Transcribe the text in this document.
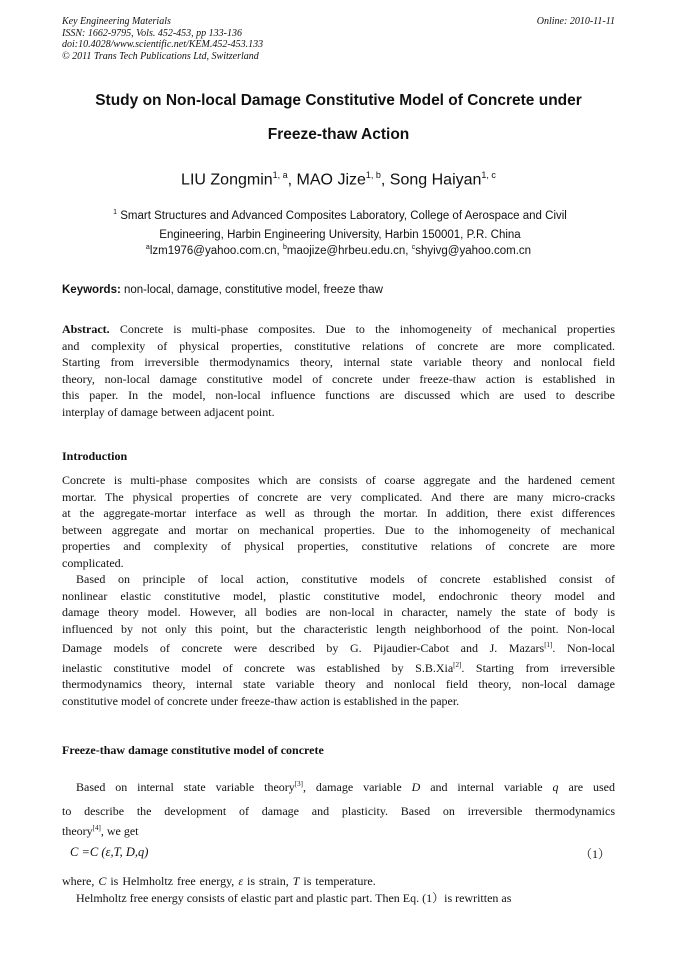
Key Engineering Materials
ISSN: 1662-9795, Vols. 452-453, pp 133-136
doi:10.4028/www.scientific.net/KEM.452-453.133
© 2011 Trans Tech Publications Ltd, Switzerland
Online: 2010-11-11
Study on Non-local Damage Constitutive Model of Concrete under
Freeze-thaw Action
LIU Zongmin$^{1, a}$, MAO Jize$^{1, b}$, Song Haiyan$^{1, c}$
$^1$ Smart Structures and Advanced Composites Laboratory, College of Aerospace and Civil
Engineering, Harbin Engineering University, Harbin 150001, P.R. China
$^a$lzm1976@yahoo.com.cn, $^b$maojize@hrbeu.edu.cn, $^c$shyivg@yahoo.com.cn
Keywords: non-local, damage, constitutive model, freeze thaw
Abstract. Concrete is multi-phase composites. Due to the inhomogeneity of mechanical properties
and complexity of physical properties, constitutive relations of concrete are more complicated.
Starting from irreversible thermodynamics theory, internal state variable theory and nonlocal field
theory, non-local damage constitutive model of concrete under freeze-thaw action is established in
this paper. In the model, non-local influence functions are discussed which are used to describe
interplay of damage between adjacent point.
Introduction
Concrete is multi-phase composites which are consists of coarse aggregate and the hardened cement
mortar. The physical properties of concrete are very complicated. And there are many micro-cracks
at the aggregate-mortar interface as well as through the mortar. In addition, there exist differences
between aggregate and mortar on mechanical properties. Due to the inhomogeneity of mechanical
properties and complexity of physical properties, constitutive relations of concrete are more
complicated.
Based on principle of local action, constitutive models of concrete established consist of
nonlinear elastic constitutive model, plastic constitutive model, endochronic theory model and
damage theory model. However, all bodies are non-local in character, namely the state of body is
influenced by not only this point, but the characteristic length neighborhood of the point. Non-local
Damage models of concrete were described by G. Pijaudier-Cabot and J. Mazars[1]. Non-local
inelastic constitutive model of concrete was established by S.B.Xia[2]. Starting from irreversible
thermodynamics theory, internal state variable theory and nonlocal field theory, non-local damage
constitutive model of concrete under freeze-thaw action is established in the paper.
Freeze-thaw damage constitutive model of concrete
Based on internal state variable theory[3], damage variable D and internal variable q are used
to describe the development of damage and plasticity. Based on irreversible thermodynamics
theory[4], we get
C =C (ε,T, D,q)	（1）
where, C is Helmholtz free energy, ε is strain, T is temperature.
Helmholtz free energy consists of elastic part and plastic part. Then Eq. (1）is rewritten as
